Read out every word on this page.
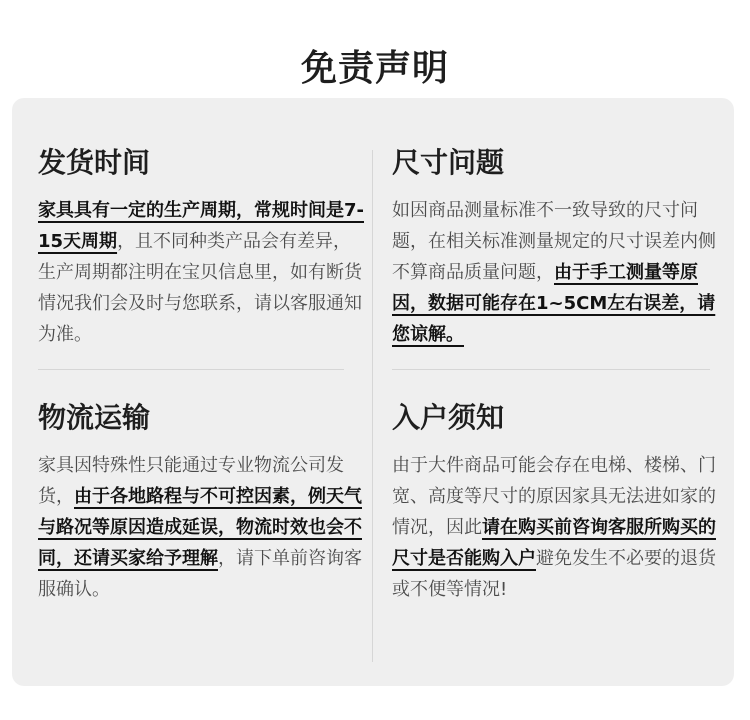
免责声明
发货时间

家具具有一定的生产周期，常规时间是7-15天周期，且不同种类产品会有差异，生产周期都注明在宝贝信息里，如有断货情况我们会及时与您联系，请以客服通知为准。

尺寸问题

如因商品测量标准不一致导致的尺寸问题，在相关标准测量规定的尺寸误差内侧不算商品质量问题，由于手工测量等原因，数据可能存在1~5CM左右误差，请您谅解。

物流运输

家具因特殊性只能通过专业物流公司发货，由于各地路程与不可控因素，例天气与路况等原因造成延误，物流时效也会不同，还请买家给予理解，请下单前咨询客服确认。

入户须知

由于大件商品可能会存在电梯、楼梯、门宽、高度等尺寸的原因家具无法进如家的情况，因此请在购买前咨询客服所购买的尺寸是否能购入户避免发生不必要的退货或不便等情况!
